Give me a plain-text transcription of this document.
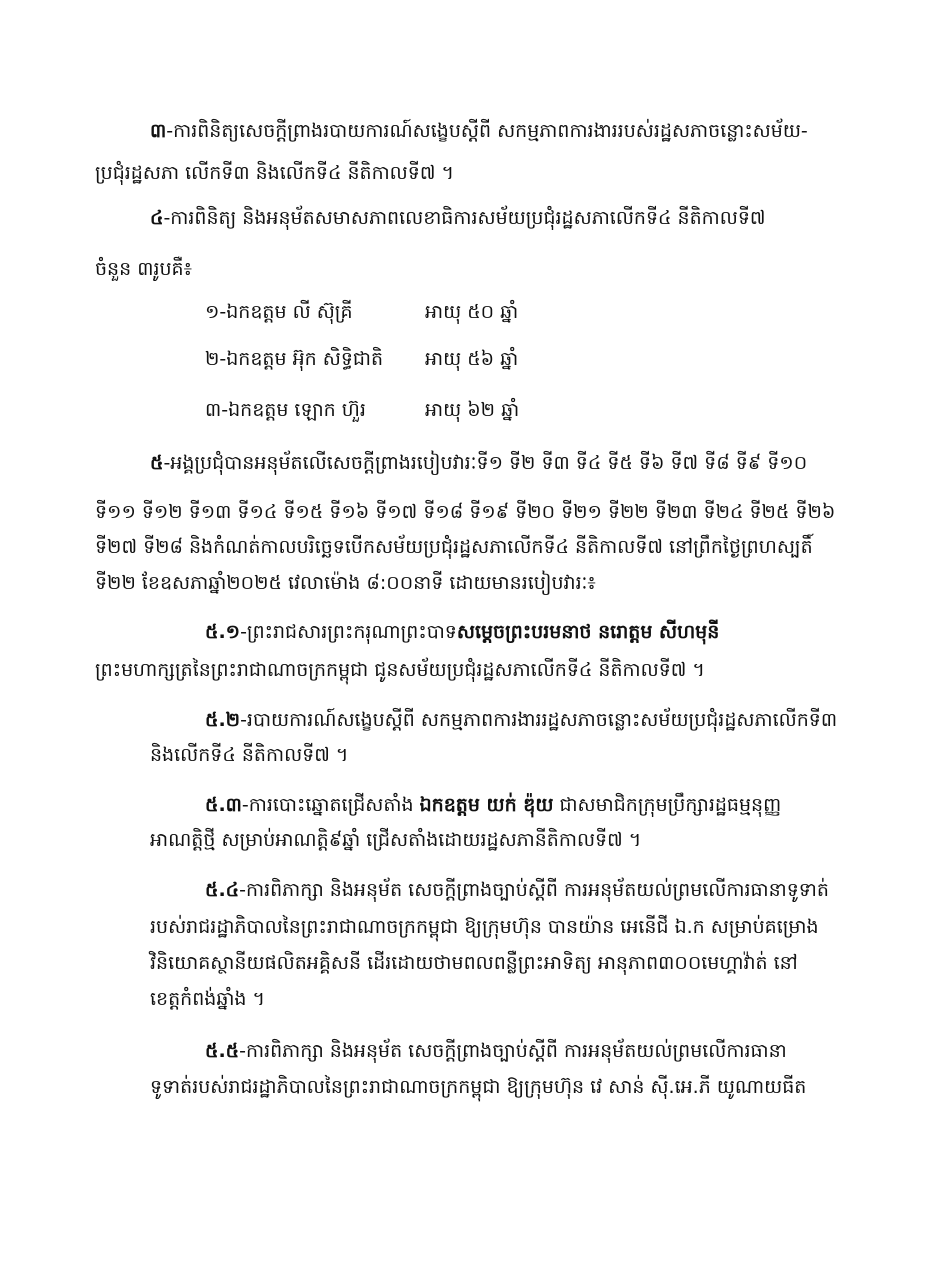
៣-ការពិនិត្យសេចក្តីព្រាងរបាយការណ៍សង្ខេបស្តីពី សកម្មភាពការងាររបស់រដ្ឋសភាចន្លោះសម័យ-
ប្រជុំរដ្ឋសភា លើកទី៣ និងលើកទី៤ នីតិកាលទី៧ ។
៤-ការពិនិត្យ និងអនុម័តសមាសភាពលេខាធិការសម័យប្រជុំរដ្ឋសភាលើកទី៤ នីតិកាលទី៧
ចំនួន ៣រូបគឺ៖
១-ឯកឧត្តម លី ស៊ុគ្រី	អាយុ ៥០ ឆ្នាំ
២-ឯកឧត្តម អ៊ុក សិទ្ធិជាតិ អាយុ ៥៦ ឆ្នាំ
៣-ឯកឧត្តម ឡោក ហ៊ួរ	អាយុ ៦២ ឆ្នាំ
៥-អង្គប្រជុំបានអនុម័តលើសេចក្តីព្រាងរបៀបវារៈទី១ ទី២ ទី៣ ទី៤ ទី៥ ទី៦ ទី៧ ទី៨ ទី៩ ទី១០
ទី១១ ទី១២ ទី១៣ ទី១៤ ទី១៥ ទី១៦ ទី១៧ ទី១៨ ទី១៩ ទី២០ ទី២១ ទី២២ ទី២៣ ទី២៤ ទី២៥ ទី២៦
ទី២៧ ទី២៨ និងកំណត់កាលបរិច្ឆេទបើកសម័យប្រជុំរដ្ឋសភាលើកទី៤ នីតិកាលទី៧ នៅព្រឹកថ្ងៃព្រហស្បតិ៍
ទី២២ ខែឧសភាឆ្នាំ២០២៥ វេលាម៉ោង ៨:០០នាទី ដោយមានរបៀបវារៈ៖
៥.១-ព្រះរាជសារព្រះករុណាព្រះបាទសម្តេចព្រះបរមនាថ នរោត្តម សីហមុនី
ព្រះមហាក្សត្រនៃព្រះរាជាណាចក្រកម្ពុជា ជូនសម័យប្រជុំរដ្ឋសភាលើកទី៤ នីតិកាលទី៧ ។
៥.២-របាយការណ៍សង្ខេបស្តីពី សកម្មភាពការងាររដ្ឋសភាចន្លោះសម័យប្រជុំរដ្ឋសភាលើកទី៣
និងលើកទី៤ នីតិកាលទី៧ ។
៥.៣-ការបោះឆ្នោតជ្រើសតាំង ឯកឧត្តម យក់ ឌ៉ុយ ជាសមាជិកក្រុមប្រឹក្សារដ្ឋធម្មនុញ្ញ
អាណត្តិថ្មី សម្រាប់អាណត្តិ៩ឆ្នាំ ជ្រើសតាំងដោយរដ្ឋសភានីតិកាលទី៧ ។
៥.៤-ការពិភាក្សា និងអនុម័ត សេចក្តីព្រាងច្បាប់ស្តីពី ការអនុម័តយល់ព្រមលើការធានាទូទាត់
របស់រាជរដ្ឋាភិបាលនៃព្រះរាជាណាចក្រកម្ពុជា ឱ្យក្រុមហ៊ុន បានយ៉ាន អេនើជី ឯ.ក សម្រាប់គម្រោង
វិនិយោគស្ថានីយផលិតអគ្គិសនី ដើរដោយថាមពលពន្លឺព្រះអាទិត្យ អានុភាព៣០០មេហ្គាវ៉ាត់ នៅ
ខេត្តកំពង់ឆ្នាំង ។
៥.៥-ការពិភាក្សា និងអនុម័ត សេចក្តីព្រាងច្បាប់ស្តីពី ការអនុម័តយល់ព្រមលើការធានា
ទូទាត់របស់រាជរដ្ឋាភិបាលនៃព្រះរាជាណាចក្រកម្ពុជា ឱ្យក្រុមហ៊ុន វេ សាន់ ស៊ី.អេ.ភី យូណាយធីត
